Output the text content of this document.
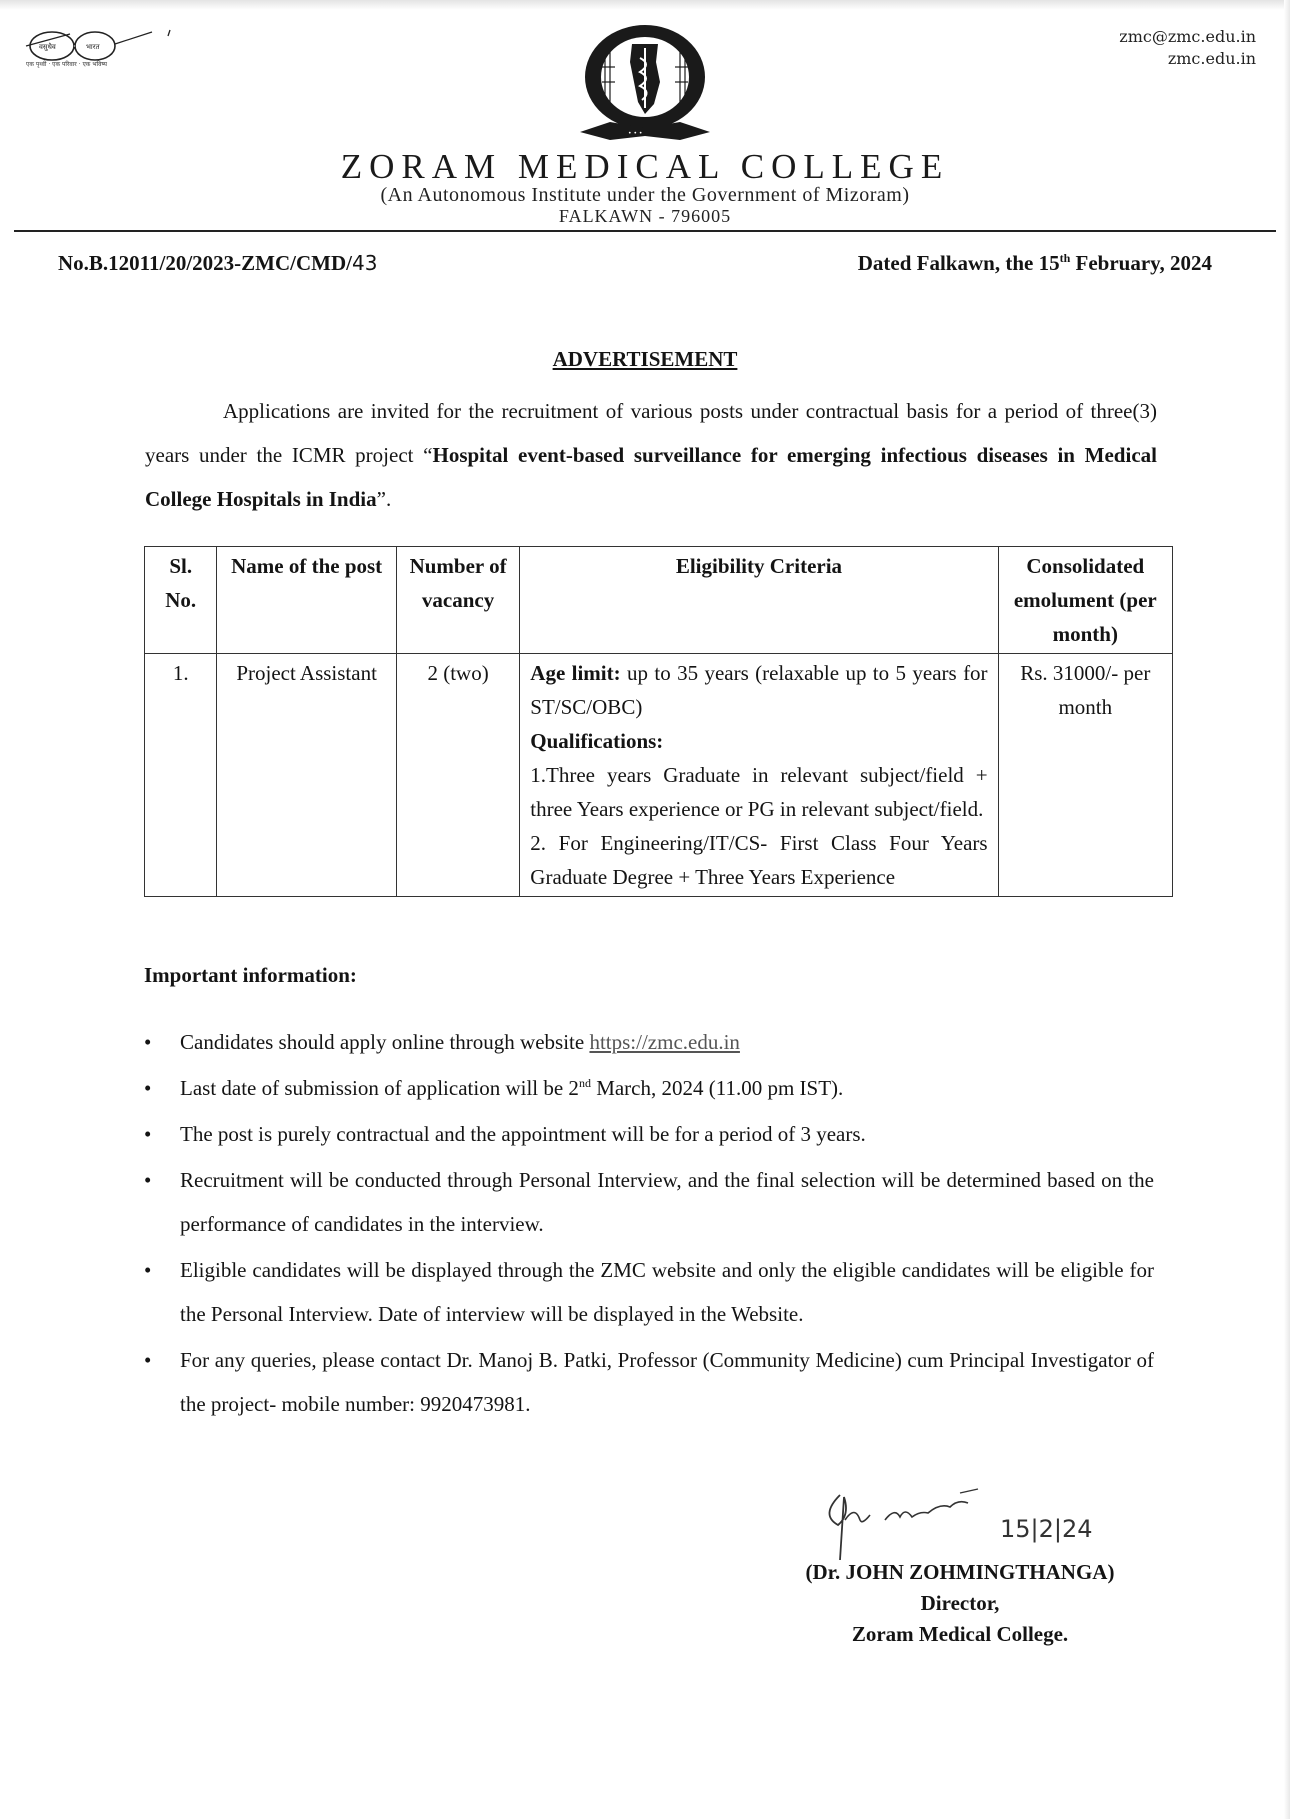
वसुधैव	भारत
एक पृथ्वी · एक परिवार · एक भविष्य
• • •
zmc@zmc.edu.in
zmc.edu.in
ZORAM MEDICAL COLLEGE
(An Autonomous Institute under the Government of Mizoram)
FALKAWN - 796005
No.B.12011/20/2023-ZMC/CMD/43	Dated Falkawn, the 15th February, 2024
ADVERTISEMENT
Applications are invited for the recruitment of various posts under contractual basis for a period of three(3) years under the ICMR project “Hospital event-based surveillance for emerging infectious diseases in Medical College Hospitals in India”.
Sl. No.	Name of the post	Number of vacancy	Eligibility Criteria	Consolidated emolument (per month)
1.	Project Assistant	2 (two)	Age limit: up to 35 years (relaxable up to 5 years for ST/SC/OBC)
Qualifications:
1.Three years Graduate in relevant subject/field + three Years experience or PG in relevant subject/field.
2. For Engineering/IT/CS- First Class Four Years Graduate Degree + Three Years Experience	Rs. 31000/- per month
Important information:
• Candidates should apply online through website https://zmc.edu.in
• Last date of submission of application will be 2nd March, 2024 (11.00 pm IST).
• The post is purely contractual and the appointment will be for a period of 3 years.
• Recruitment will be conducted through Personal Interview, and the final selection will be determined based on the performance of candidates in the interview.
• Eligible candidates will be displayed through the ZMC website and only the eligible candidates will be eligible for the Personal Interview. Date of interview will be displayed in the Website.
• For any queries, please contact Dr. Manoj B. Patki, Professor (Community Medicine) cum Principal Investigator of the project- mobile number: 9920473981.
15|2|24
(Dr. JOHN ZOHMINGTHANGA)
Director,
Zoram Medical College.
